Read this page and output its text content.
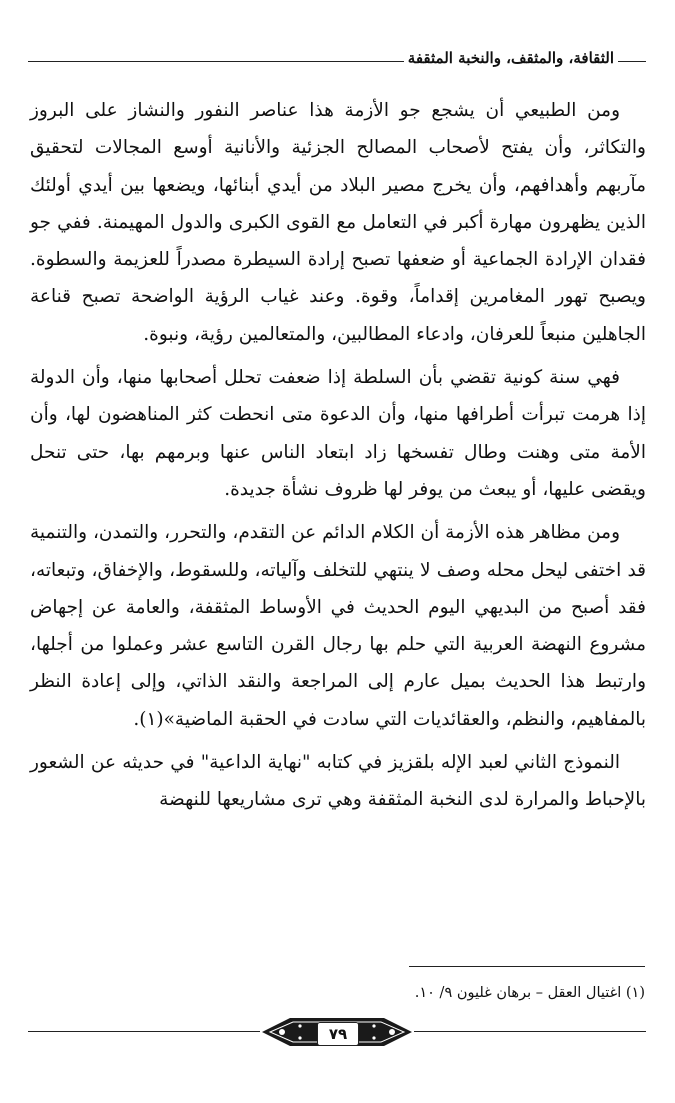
الثقافة، والمثقف، والنخبة المثقفة

ومن الطبيعي أن يشجع جو الأزمة هذا عناصر النفور والنشاز على البروز والتكاثر، وأن يفتح لأصحاب المصالح الجزئية والأنانية أوسع المجالات لتحقيق مآربهم وأهدافهم، وأن يخرج مصير البلاد من أيدي أبنائها، ويضعها بين أيدي أولئك الذين يظهرون مهارة أكبر في التعامل مع القوى الكبرى والدول المهيمنة. ففي جو فقدان الإرادة الجماعية أو ضعفها تصبح إرادة السيطرة مصدراً للعزيمة والسطوة. ويصبح تهور المغامرين إقداماً، وقوة. وعند غياب الرؤية الواضحة تصبح قناعة الجاهلين منبعاً للعرفان، وادعاء المطالبين، والمتعالمين رؤية، ونبوة.

فهي سنة كونية تقضي بأن السلطة إذا ضعفت تحلل أصحابها منها، وأن الدولة إذا هرمت تبرأت أطرافها منها، وأن الدعوة متى انحطت كثر المناهضون لها، وأن الأمة متى وهنت وطال تفسخها زاد ابتعاد الناس عنها وبرمهم بها، حتى تنحل ويقضى عليها، أو يبعث من يوفر لها ظروف نشأة جديدة.

ومن مظاهر هذه الأزمة أن الكلام الدائم عن التقدم، والتحرر، والتمدن، والتنمية قد اختفى ليحل محله وصف لا ينتهي للتخلف وآلياته، وللسقوط، والإخفاق، وتبعاته، فقد أصبح من البديهي اليوم الحديث في الأوساط المثقفة، والعامة عن إجهاض مشروع النهضة العربية التي حلم بها رجال القرن التاسع عشر وعملوا من أجلها، وارتبط هذا الحديث بميل عارم إلى المراجعة والنقد الذاتي، وإلى إعادة النظر بالمفاهيم، والنظم، والعقائديات التي سادت في الحقبة الماضية»(١).

النموذج الثاني لعبد الإله بلقزيز في كتابه "نهاية الداعية" في حديثه عن الشعور بالإحباط والمرارة لدى النخبة المثقفة وهي ترى مشاريعها للنهضة

(١) اغتيال العقل – برهان غليون ٩/ ١٠.
٧٩
